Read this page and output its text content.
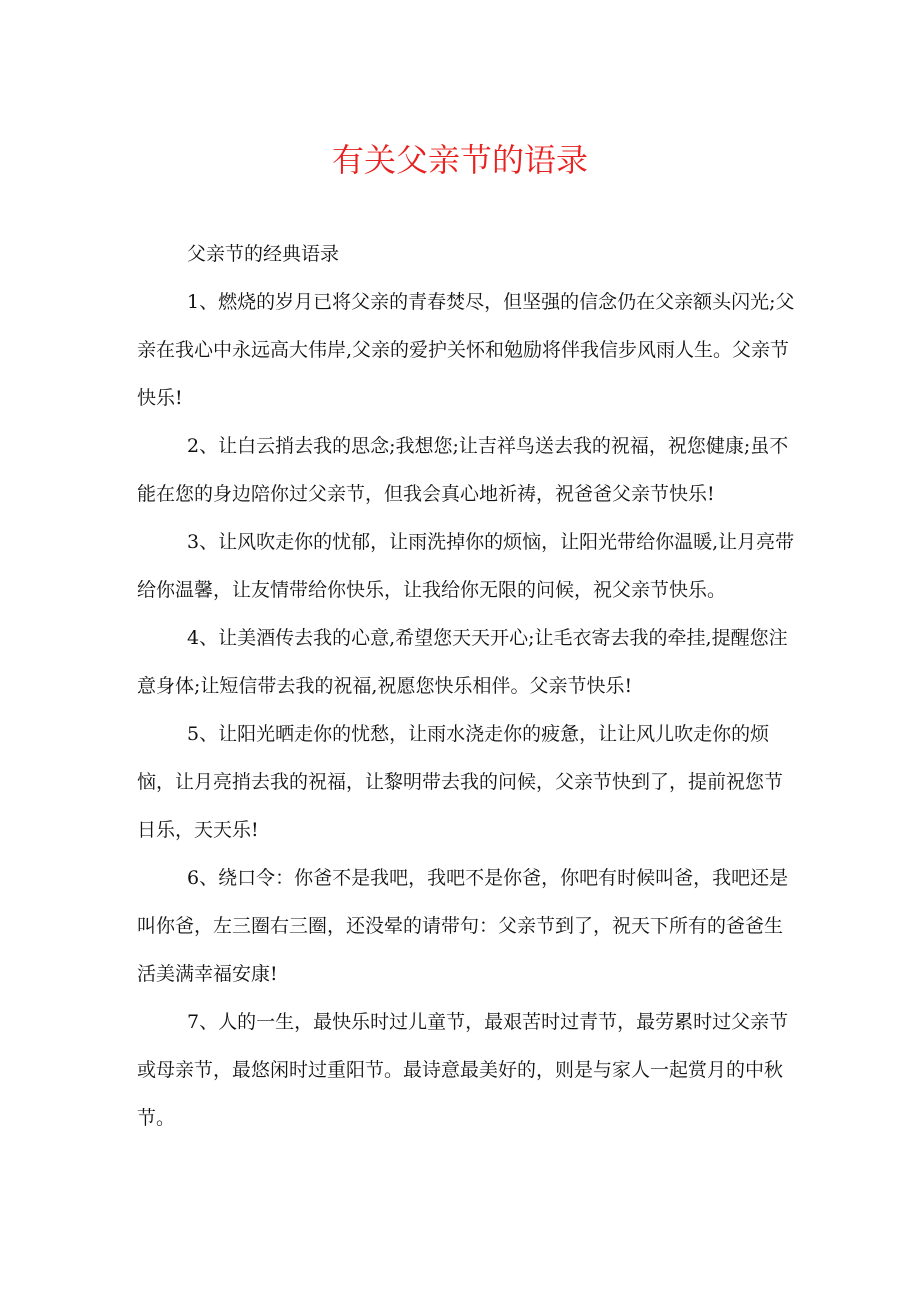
有关父亲节的语录

父亲节的经典语录

1、燃烧的岁月已将父亲的青春焚尽，但坚强的信念仍在父亲额头闪光;父亲在我心中永远高大伟岸,父亲的爱护关怀和勉励将伴我信步风雨人生。父亲节快乐!

2、让白云捎去我的思念;我想您;让吉祥鸟送去我的祝福，祝您健康;虽不能在您的身边陪你过父亲节，但我会真心地祈祷，祝爸爸父亲节快乐!

3、让风吹走你的忧郁，让雨洗掉你的烦恼，让阳光带给你温暖,让月亮带给你温馨，让友情带给你快乐，让我给你无限的问候，祝父亲节快乐。

4、让美酒传去我的心意,希望您天天开心;让毛衣寄去我的牵挂,提醒您注意身体;让短信带去我的祝福,祝愿您快乐相伴。父亲节快乐!

5、让阳光晒走你的忧愁，让雨水浇走你的疲惫，让让风儿吹走你的烦恼，让月亮捎去我的祝福，让黎明带去我的问候，父亲节快到了，提前祝您节日乐，天天乐!

6、绕口令：你爸不是我吧，我吧不是你爸，你吧有时候叫爸，我吧还是叫你爸，左三圈右三圈，还没晕的请带句：父亲节到了，祝天下所有的爸爸生活美满幸福安康!

7、人的一生，最快乐时过儿童节，最艰苦时过青节，最劳累时过父亲节或母亲节，最悠闲时过重阳节。最诗意最美好的，则是与家人一起赏月的中秋节。
